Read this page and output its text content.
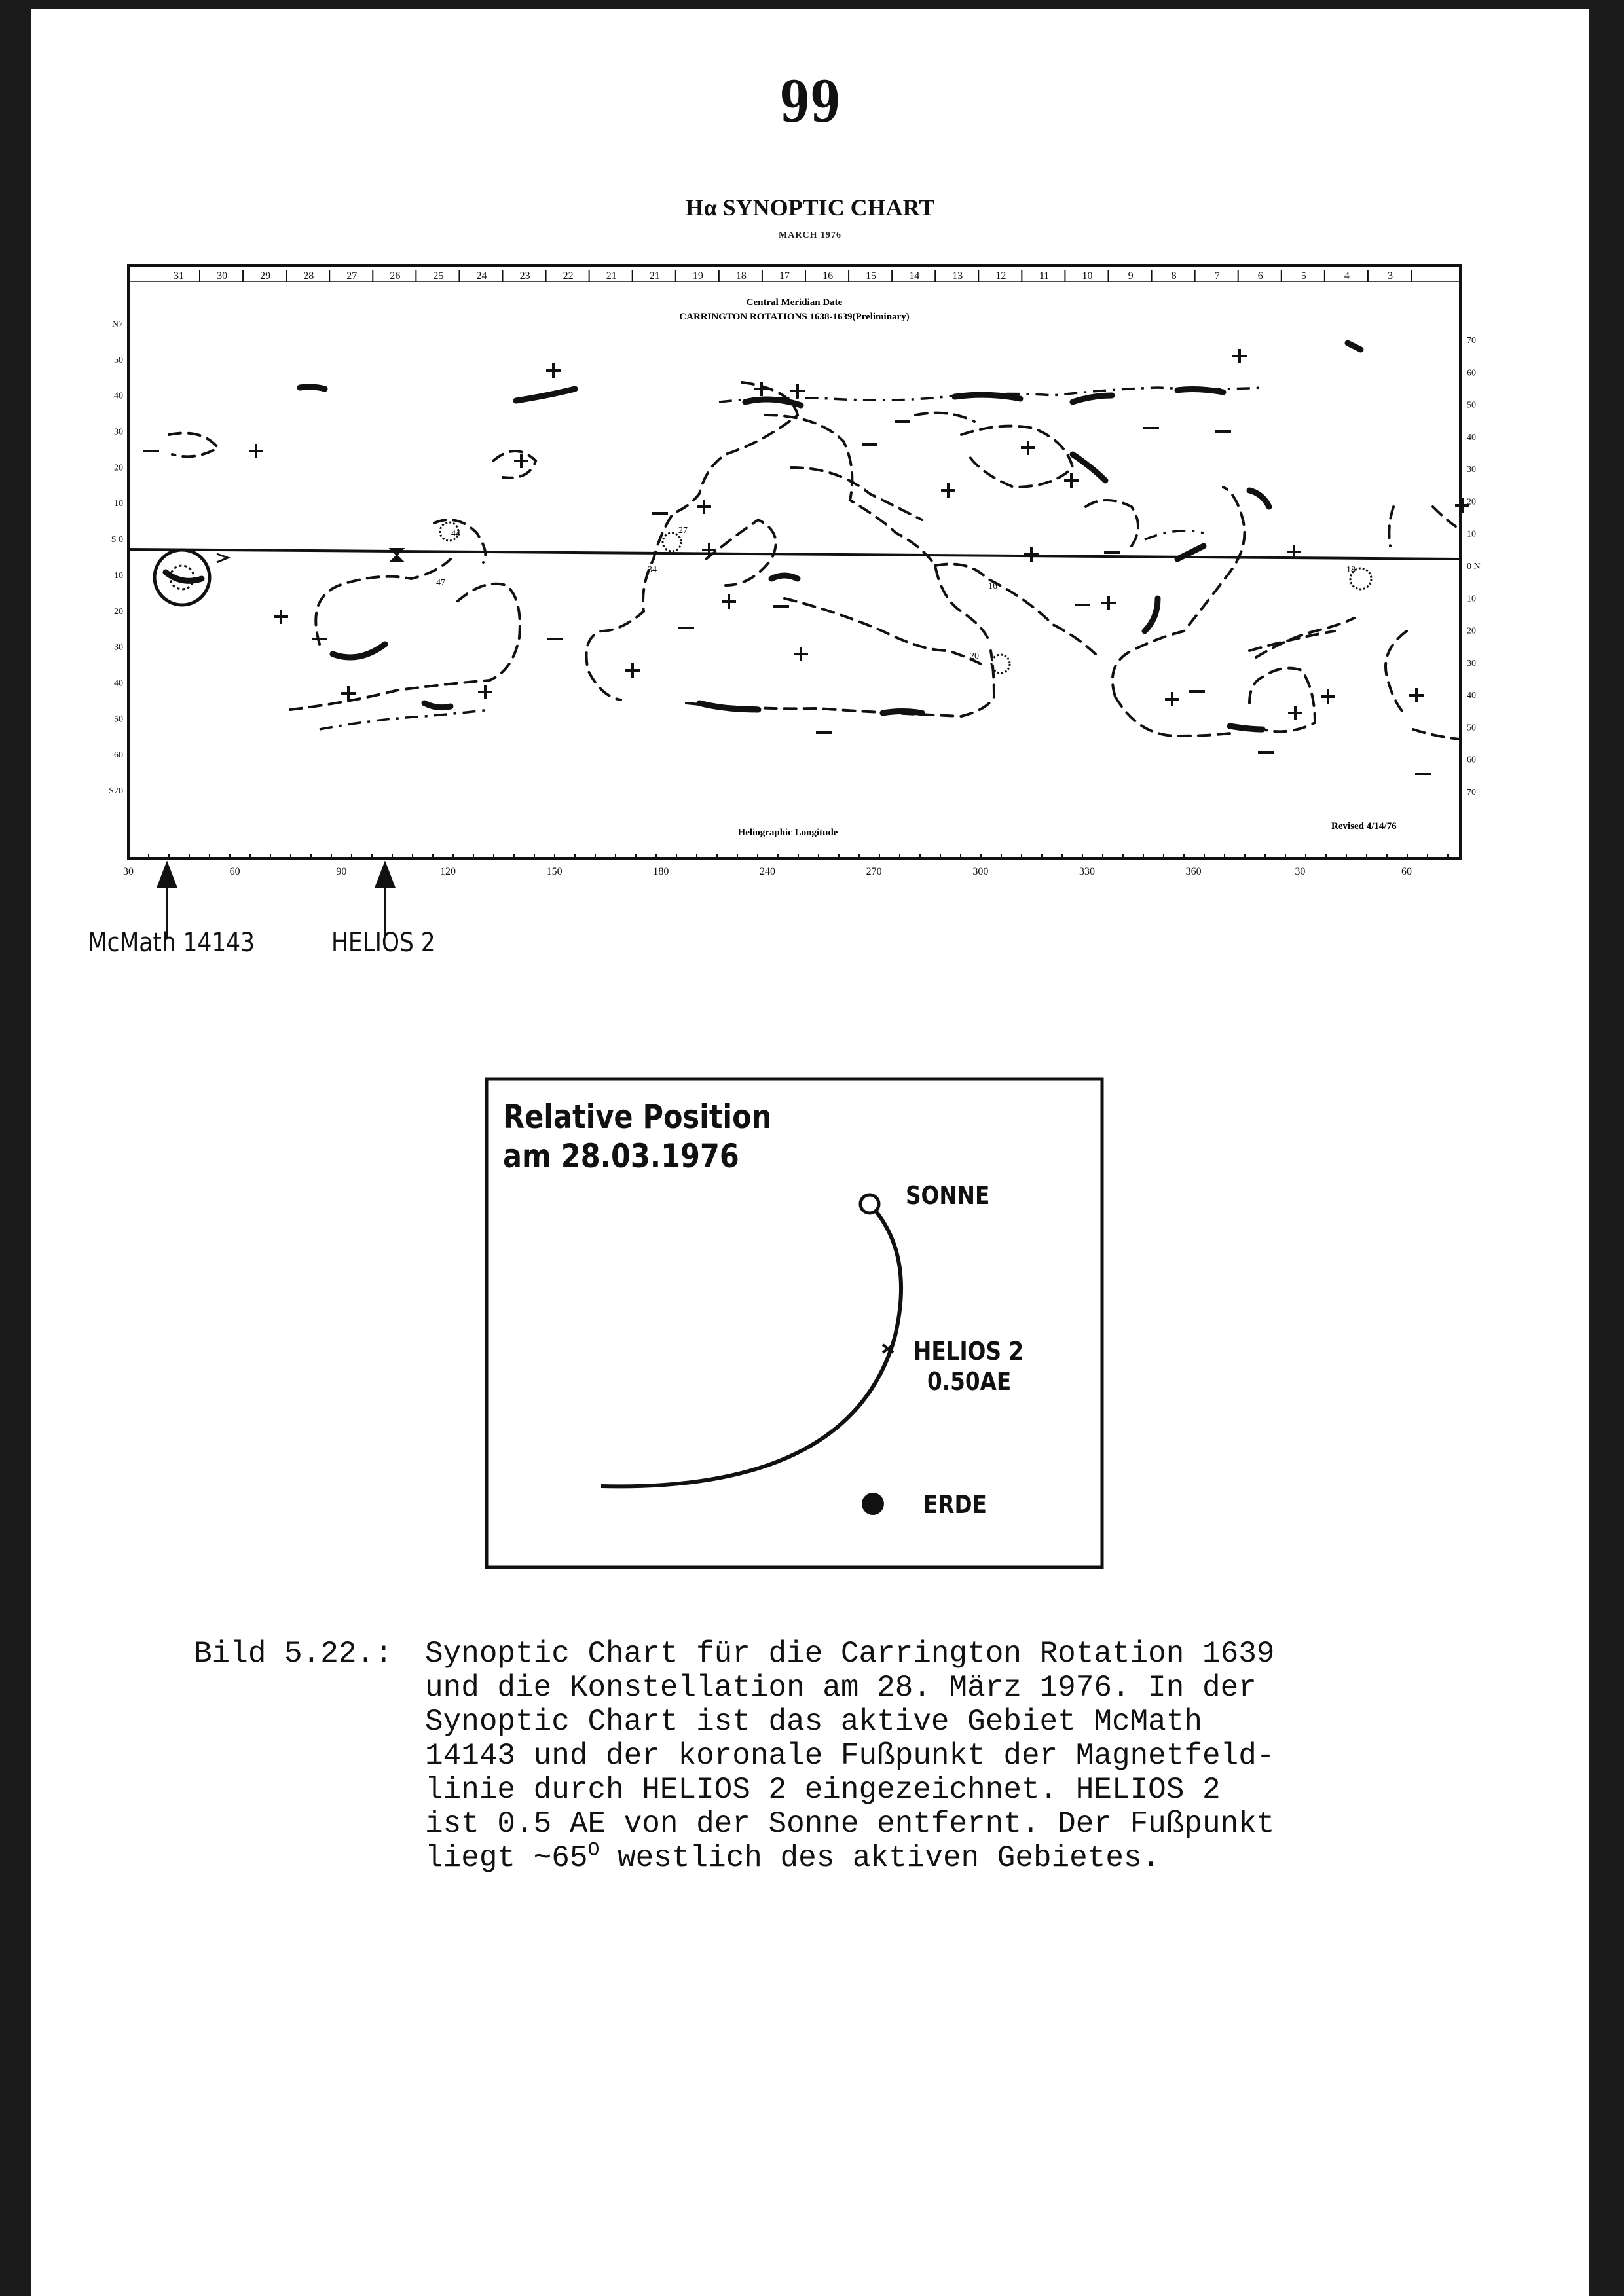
99
Hα SYNOPTIC CHART
MARCH 1976
31	30	29	28	27	26	25	24	23	22	21	21	19	18	17	16	15	14	13	12	11	10	9	8	7	6	5	4	3
Central Meridian Date
CARRINGTON ROTATIONS 1638-1639(Preliminary)
N7
50
40
30
20
10
S 0
10
20
30
40
50
60
S70
70
60
50
40
30
20
10
0 N
10
20
30
40
50
60
70
44
47
27
34
16
20
18
Heliographic Longitude
Revised 4/14/76
30	60	90	120	150	180	240	270	300	330	360	30	60
McMath 14143	HELIOS 2
Relative Position
am 28.03.1976
SONNE
HELIOS 2
0.50AE
ERDE
Bild 5.22.: Synoptic Chart für die Carrington Rotation 1639
und die Konstellation am 28. März 1976. In der
Synoptic Chart ist das aktive Gebiet McMath
14143 und der koronale Fußpunkt der Magnetfeld-
linie durch HELIOS 2 eingezeichnet. HELIOS 2
ist 0.5 AE von der Sonne entfernt. Der Fußpunkt
liegt $\sim 65^O$ westlich des aktiven Gebietes.
